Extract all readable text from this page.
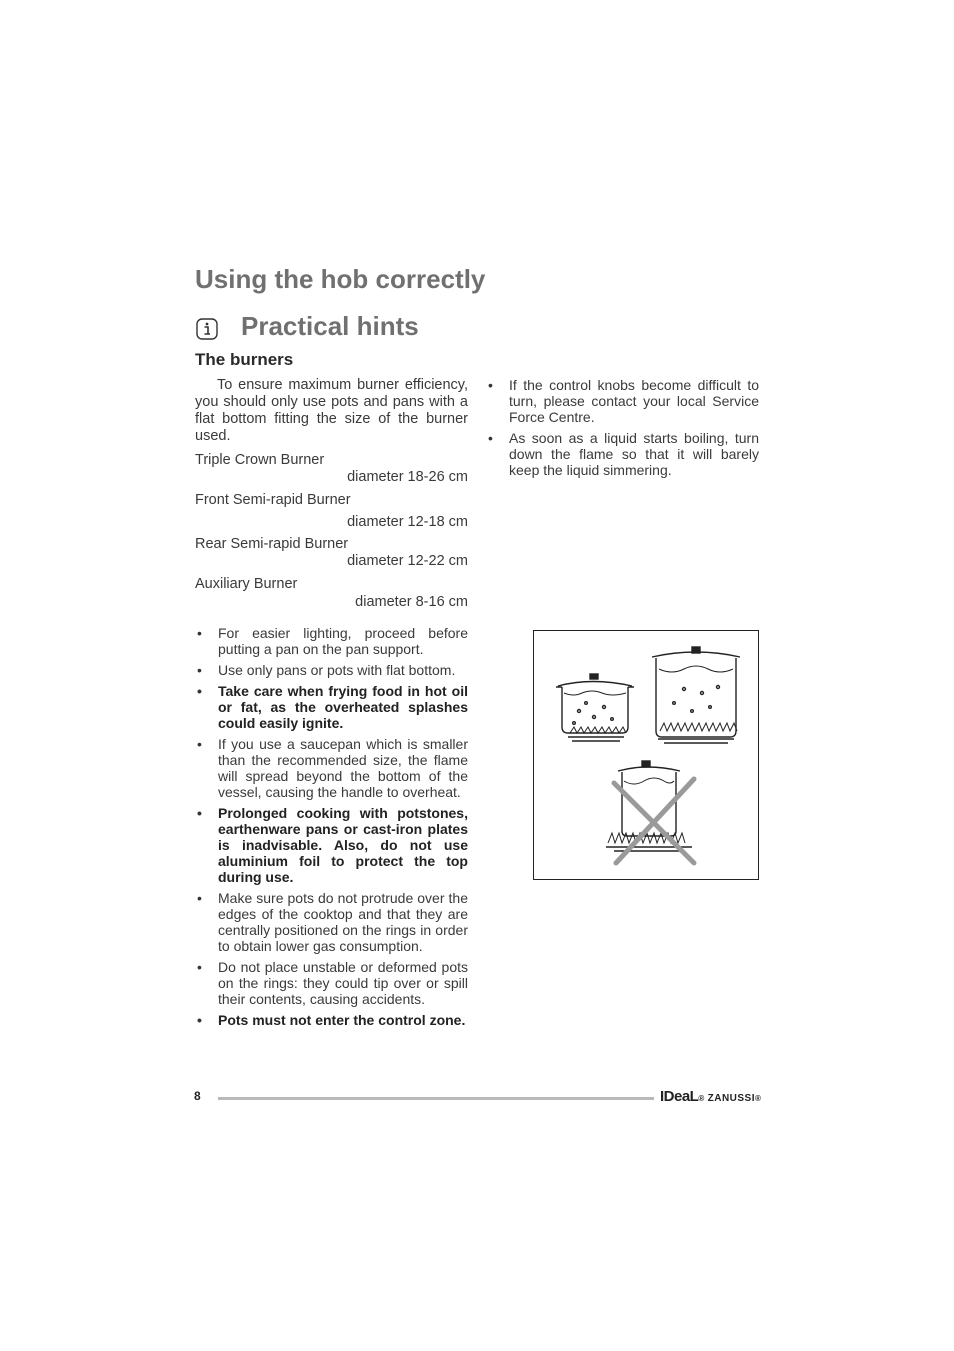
Using the hob correctly
Practical hints
The burners

To ensure maximum burner efficiency, you should only use pots and pans with a flat bottom fitting the size of the burner used.

Triple Crown Burner

diameter 18-26 cm

Front Semi-rapid Burner

diameter 12-18 cm

Rear Semi-rapid Burner

diameter 12-22 cm

Auxiliary Burner

diameter 8-16 cm

• For easier lighting, proceed before putting a pan on the pan support.
• Use only pans or pots with flat bottom.
• Take care when frying food in hot oil or fat, as the overheated splashes could easily ignite.
• If you use a saucepan which is smaller than the recommended size, the flame will spread beyond the bottom of the vessel, causing the handle to overheat.
• Prolonged cooking with potstones, earthenware pans or cast-iron plates is inadvisable. Also, do not use aluminium foil to protect the top during use.
• Make sure pots do not protrude over the edges of the cooktop and that they are centrally positioned on the rings in order to obtain lower gas consumption.
• Do not place unstable or deformed pots on the rings: they could tip over or spill their contents, causing accidents.
• Pots must not enter the control zone.
• If the control knobs become difficult to turn, please contact your local Service Force Centre.
• As soon as a liquid starts boiling, turn down the flame so that it will barely keep the liquid simmering.
8	IDeaL® ZANUSSI®
